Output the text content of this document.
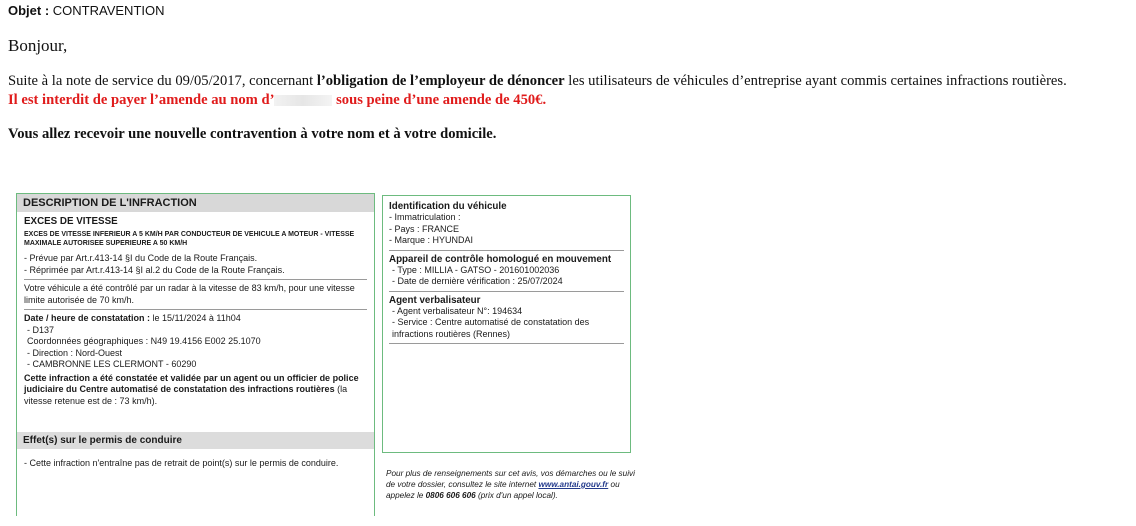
Objet : CONTRAVENTION
Bonjour,
Suite à la note de service du 09/05/2017, concernant l’obligation de l’employeur de dénoncer les utilisateurs de véhicules d’entreprise ayant commis certaines infractions routières.
Il est interdit de payer l’amende au nom d’	sous peine d’une amende de 450€.
Vous allez recevoir une nouvelle contravention à votre nom et à votre domicile.
DESCRIPTION DE L'INFRACTION
EXCES DE VITESSE
EXCES DE VITESSE INFERIEUR A 5 KM/H PAR CONDUCTEUR DE VEHICULE A MOTEUR - VITESSE MAXIMALE AUTORISEE SUPERIEURE A 50 KM/H
- Prévue par Art.r.413-14 §I du Code de la Route Français.
- Réprimée par Art.r.413-14 §I al.2 du Code de la Route Français.
Votre véhicule a été contrôlé par un radar à la vitesse de 83 km/h, pour une vitesse limite autorisée de 70 km/h.
Date / heure de constatation : le 15/11/2024 à 11h04
- D137
Coordonnées géographiques : N49 19.4156 E002 25.1070
- Direction : Nord-Ouest
- CAMBRONNE LES CLERMONT - 60290
Cette infraction a été constatée et validée par un agent ou un officier de police judiciaire du Centre automatisé de constatation des infractions routières (la vitesse retenue est de : 73 km/h).
Effet(s) sur le permis de conduire
- Cette infraction n'entraîne pas de retrait de point(s) sur le permis de conduire.
Identification du véhicule
- Immatriculation :
- Pays : FRANCE
- Marque : HYUNDAI
Appareil de contrôle homologué en mouvement
- Type : MILLIA - GATSO - 201601002036
- Date de dernière vérification : 25/07/2024
Agent verbalisateur
- Agent verbalisateur N°: 194634
- Service : Centre automatisé de constatation des infractions routières (Rennes)
Pour plus de renseignements sur cet avis, vos démarches ou le suivi de votre dossier, consultez le site internet www.antai.gouv.fr ou appelez le 0806 606 606 (prix d'un appel local).
